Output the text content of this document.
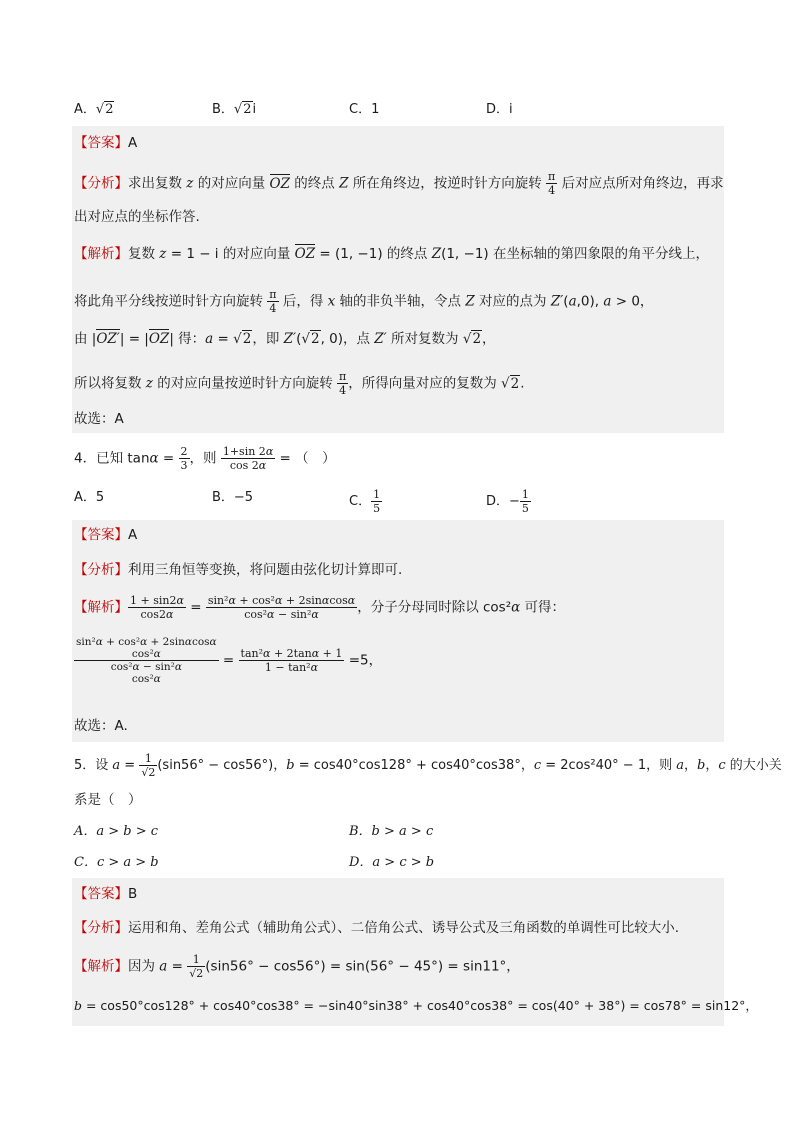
A．√2	B．√2i	C．1	D．i
【答案】A
【分析】求出复数 z 的对应向量 OZ 的终点 Z 所在角终边，按逆时针方向旋转 $\frac{\pi}{4}$ 后对应点所对角终边，再求
出对应点的坐标作答.
【解析】复数 z = 1 − i 的对应向量 OZ = (1, −1) 的终点 Z(1, −1) 在坐标轴的第四象限的角平分线上，
将此角平分线按逆时针方向旋转 $\frac{\pi}{4}$ 后，得 x 轴的非负半轴，令点 Z 对应的点为 Z′(a,0), a > 0，
由 |OZ′| = |OZ| 得：a = √2，即 Z′(√2, 0)，点 Z′ 所对复数为 √2，
所以将复数 z 的对应向量按逆时针方向旋转 $\frac{\pi}{4}$ ，所得向量对应的复数为 √2.
故选：A
4．已知 $\tan\alpha = \frac{2}{3}$ ，则 $\frac{1+\sin 2\alpha}{\cos 2\alpha}$ = （　）
A．5	B．−5	C． $\frac{1}{5}$	D．− $\frac{1}{5}$
【答案】A
【分析】利用三角恒等变换，将问题由弦化切计算即可.
【解析】 $\frac{1 + \sin 2\alpha}{\cos 2\alpha} = \frac{\text{sin²α + cos²α + 2sinαcosα}}{\text{cos²α − sin²α}}$ ，分子分母同时除以 cos²α 可得：
sin²α + cos²α + 2sinαcosα
cos²α
cos²α − sin²α
cos²α
= $\frac{\text{tan²α + 2tanα + 1}}{\text{1 − tan²α}} =5$，
故选：A.
5．设 $a = \frac{1}{√2} (\sin 56^\circ - \cos 56^\circ)$，b = cos40°cos128° + cos40°cos38°，c = 2cos²40° − 1，则 a，b，c 的大小关
系是（　）
A．a > b > c	B．b > a > c
C．c > a > b	D．a > c > b
【答案】B
【分析】运用和角、差角公式（辅助角公式）、二倍角公式、诱导公式及三角函数的单调性可比较大小.
【解析】因为 $a = \frac{1}{√2} (\sin 56^\circ - \cos 56^\circ) = \sin(56^\circ - 45^\circ) = \sin 11^\circ$，
b = cos50°cos128° + cos40°cos38° = −sin40°sin38° + cos40°cos38° = cos(40° + 38°) = cos78° = sin12°，
